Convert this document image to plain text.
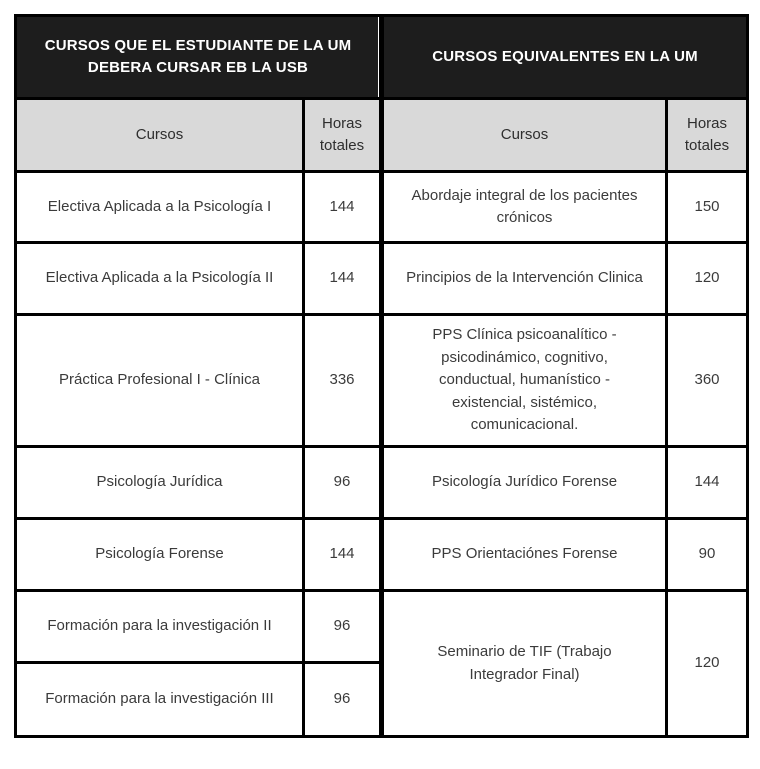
CURSOS QUE EL ESTUDIANTE DE LA UM DEBERA CURSAR EB LA USB		CURSOS EQUIVALENTES EN LA UM	
Cursos	Horas totales	Cursos	Horas totales
Electiva Aplicada a la Psicología I	144	Abordaje integral de los pacientes crónicos	150
Electiva Aplicada a la Psicología II	144	Principios de la Intervención Clinica	120
Práctica Profesional I - Clínica	336	PPS Clínica psicoanalítico - psicodinámico, cognitivo, conductual, humanístico - existencial, sistémico, comunicacional.	360
Psicología Jurídica	96	Psicología Jurídico Forense	144
Psicología Forense	144	PPS Orientaciónes Forense	90
Formación para la investigación II	96	Seminario de TIF (Trabajo Integrador Final)	120
Formación para la investigación III	96		
